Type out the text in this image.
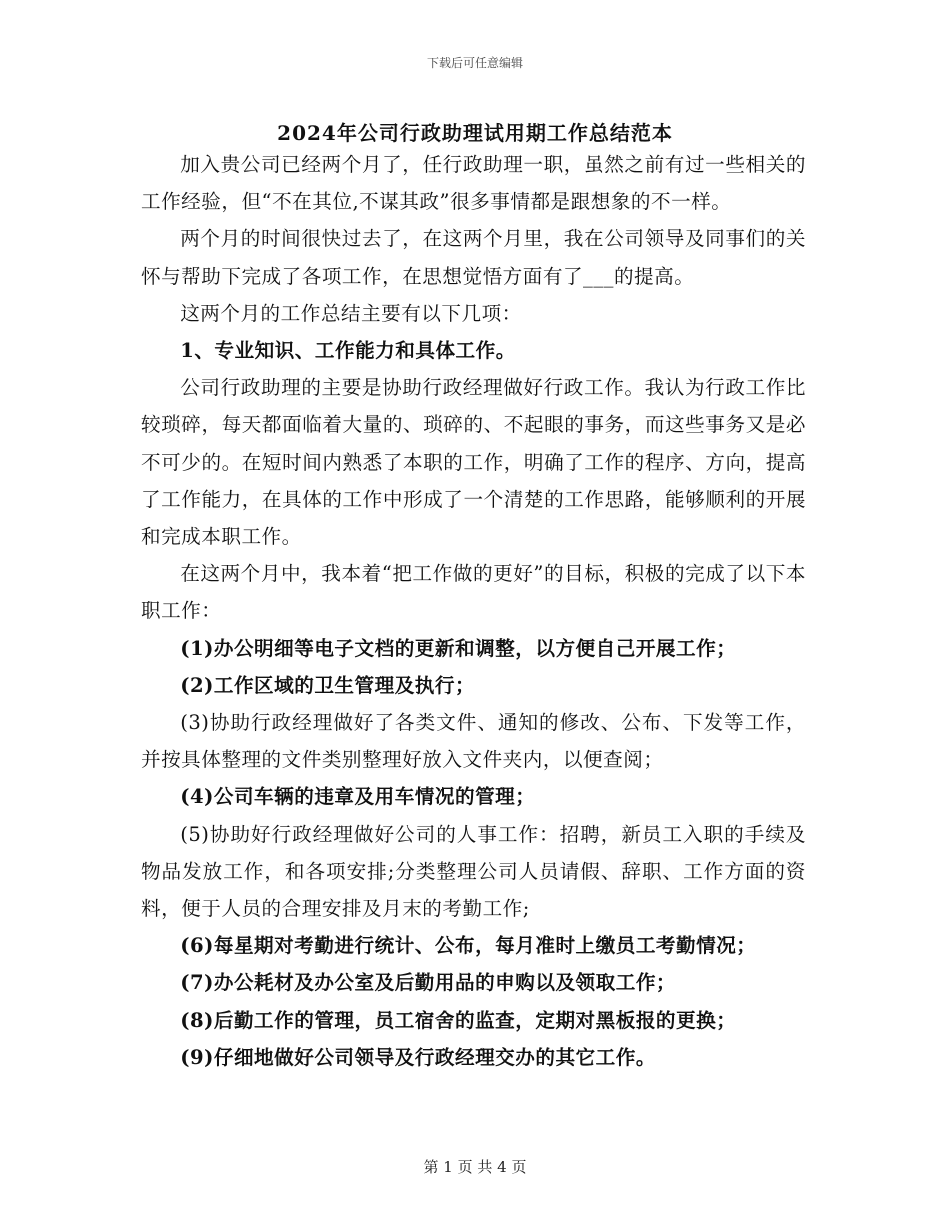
下载后可任意编辑
2024年公司行政助理试用期工作总结范本

加入贵公司已经两个月了，任行政助理一职，虽然之前有过一些相关的工作经验，但“不在其位,不谋其政”很多事情都是跟想象的不一样。

两个月的时间很快过去了，在这两个月里，我在公司领导及同事们的关怀与帮助下完成了各项工作，在思想觉悟方面有了___的提高。

这两个月的工作总结主要有以下几项：

1、专业知识、工作能力和具体工作。

公司行政助理的主要是协助行政经理做好行政工作。我认为行政工作比较琐碎，每天都面临着大量的、琐碎的、不起眼的事务，而这些事务又是必不可少的。在短时间内熟悉了本职的工作，明确了工作的程序、方向，提高了工作能力，在具体的工作中形成了一个清楚的工作思路，能够顺利的开展和完成本职工作。

在这两个月中，我本着“把工作做的更好”的目标，积极的完成了以下本职工作：

(1)办公明细等电子文档的更新和调整，以方便自己开展工作；

(2)工作区域的卫生管理及执行；

(3)协助行政经理做好了各类文件、通知的修改、公布、下发等工作，并按具体整理的文件类别整理好放入文件夹内，以便查阅；

(4)公司车辆的违章及用车情况的管理；

(5)协助好行政经理做好公司的人事工作：招聘，新员工入职的手续及物品发放工作，和各项安排;分类整理公司人员请假、辞职、工作方面的资料，便于人员的合理安排及月末的考勤工作;

(6)每星期对考勤进行统计、公布，每月准时上缴员工考勤情况；

(7)办公耗材及办公室及后勤用品的申购以及领取工作；

(8)后勤工作的管理，员工宿舍的监查，定期对黑板报的更换；

(9)仔细地做好公司领导及行政经理交办的其它工作。

第 1 页 共 4 页
